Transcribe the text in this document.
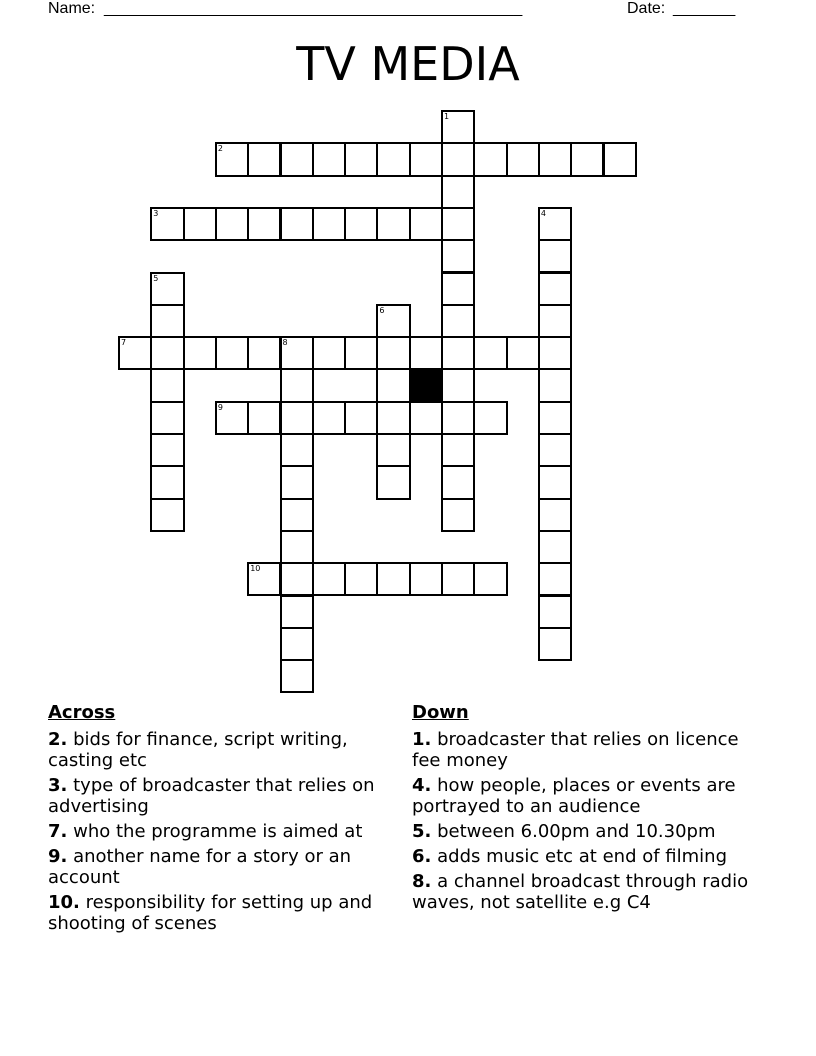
Name: _______________________________________________	Date: _______
TV MEDIA
2
3
7	8
9
10
1
4
5
6
Across
2. bids for finance, script writing, casting etc
3. type of broadcaster that relies on advertising
7. who the programme is aimed at
9. another name for a story or an account
10. responsibility for setting up and shooting of scenes
Down
1. broadcaster that relies on licence fee money
4. how people, places or events are portrayed to an audience
5. between 6.00pm and 10.30pm
6. adds music etc at end of filming
8. a channel broadcast through radio waves, not satellite e.g C4
